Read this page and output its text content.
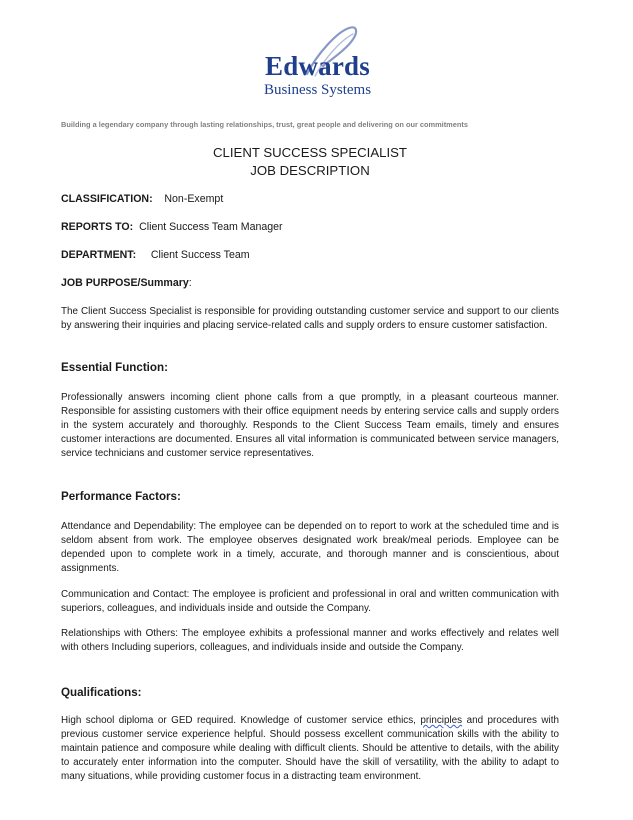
Edwards
Business Systems
Building a legendary company through lasting relationships, trust, great people and delivering on our commitments
CLIENT SUCCESS SPECIALIST
JOB DESCRIPTION
CLASSIFICATION: Non-Exempt
REPORTS TO: Client Success Team Manager
DEPARTMENT: Client Success Team
JOB PURPOSE/Summary:

The Client Success Specialist is responsible for providing outstanding customer service and support to our clients by answering their inquiries and placing service-related calls and supply orders to ensure customer satisfaction.

Essential Function:

Professionally answers incoming client phone calls from a que promptly, in a pleasant courteous manner. Responsible for assisting customers with their office equipment needs by entering service calls and supply orders in the system accurately and thoroughly. Responds to the Client Success Team emails, timely and ensures customer interactions are documented. Ensures all vital information is communicated between service managers, service technicians and customer service representatives.

Performance Factors:

Attendance and Dependability: The employee can be depended on to report to work at the scheduled time and is seldom absent from work. The employee observes designated work break/meal periods. Employee can be depended upon to complete work in a timely, accurate, and thorough manner and is conscientious, about assignments.

Communication and Contact: The employee is proficient and professional in oral and written communication with superiors, colleagues, and individuals inside and outside the Company.

Relationships with Others: The employee exhibits a professional manner and works effectively and relates well with others Including superiors, colleagues, and individuals inside and outside the Company.

Qualifications:

High school diploma or GED required. Knowledge of customer service ethics, principles and procedures with previous customer service experience helpful. Should possess excellent communication skills with the ability to maintain patience and composure while dealing with difficult clients. Should be attentive to details, with the ability to accurately enter information into the computer. Should have the skill of versatility, with the ability to adapt to many situations, while providing customer focus in a distracting team environment.
